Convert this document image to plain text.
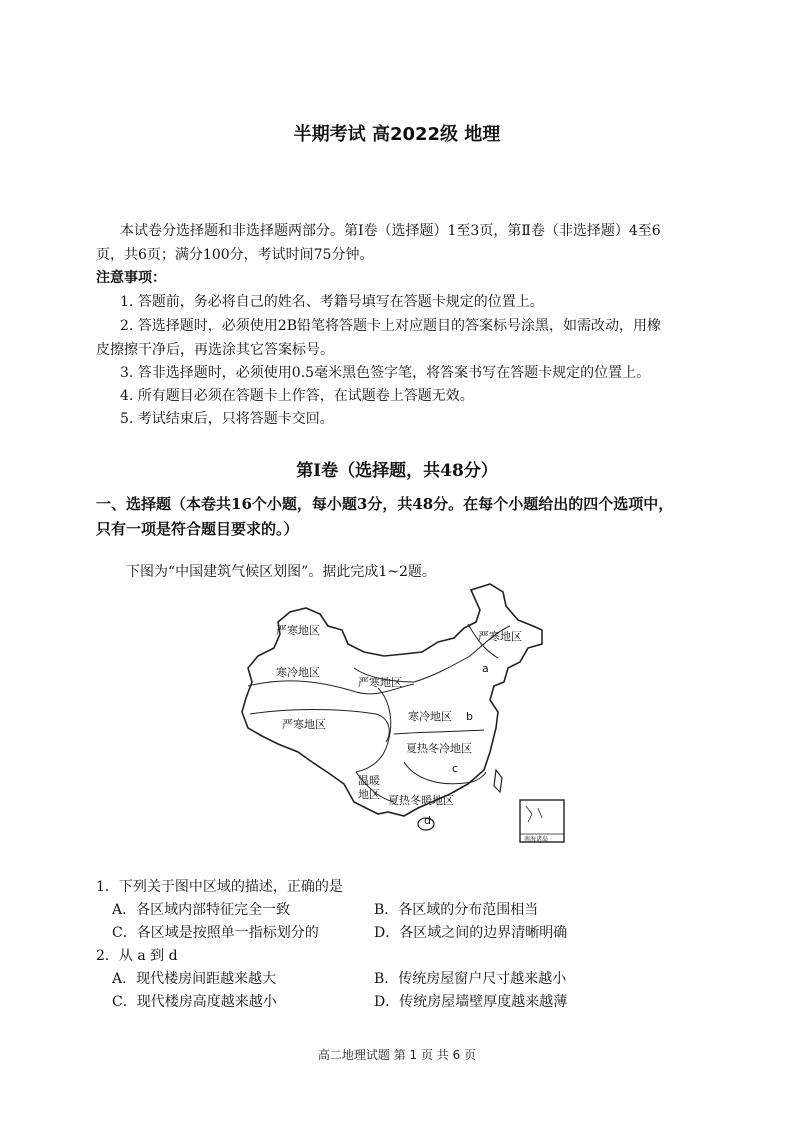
半期考试 高2022级 地理
本试卷分选择题和非选择题两部分。第Ⅰ卷（选择题）1至3页，第Ⅱ卷（非选择题）4至6
页，共6页；满分100分，考试时间75分钟。
注意事项：
1. 答题前，务必将自己的姓名、考籍号填写在答题卡规定的位置上。
2. 答选择题时，必须使用2B铅笔将答题卡上对应题目的答案标号涂黑，如需改动，用橡
皮擦擦干净后，再选涂其它答案标号。
3. 答非选择题时，必须使用0.5毫米黑色签字笔，将答案书写在答题卡规定的位置上。
4. 所有题目必须在答题卡上作答，在试题卷上答题无效。
5. 考试结束后，只将答题卡交回。
第Ⅰ卷（选择题，共48分）
一、选择题（本卷共16个小题，每小题3分，共48分。在每个小题给出的四个选项中，
只有一项是符合题目要求的。）
下图为“中国建筑气候区划图”。据此完成1~2题。
严寒地区
寒冷地区
严寒地区
严寒地区
严寒地区
寒冷地区
夏热冬冷地区
温暖
地区 夏热冬暖地区
a
b
c
d
南海诸岛
1．下列关于图中区域的描述，正确的是
A．各区域内部特征完全一致	B．各区域的分布范围相当
C．各区域是按照单一指标划分的	D．各区域之间的边界清晰明确
2．从 a 到 d
A．现代楼房间距越来越大	B．传统房屋窗户尺寸越来越小
C．现代楼房高度越来越小	D．传统房屋墙壁厚度越来越薄
高二地理试题 第 1 页 共 6 页
